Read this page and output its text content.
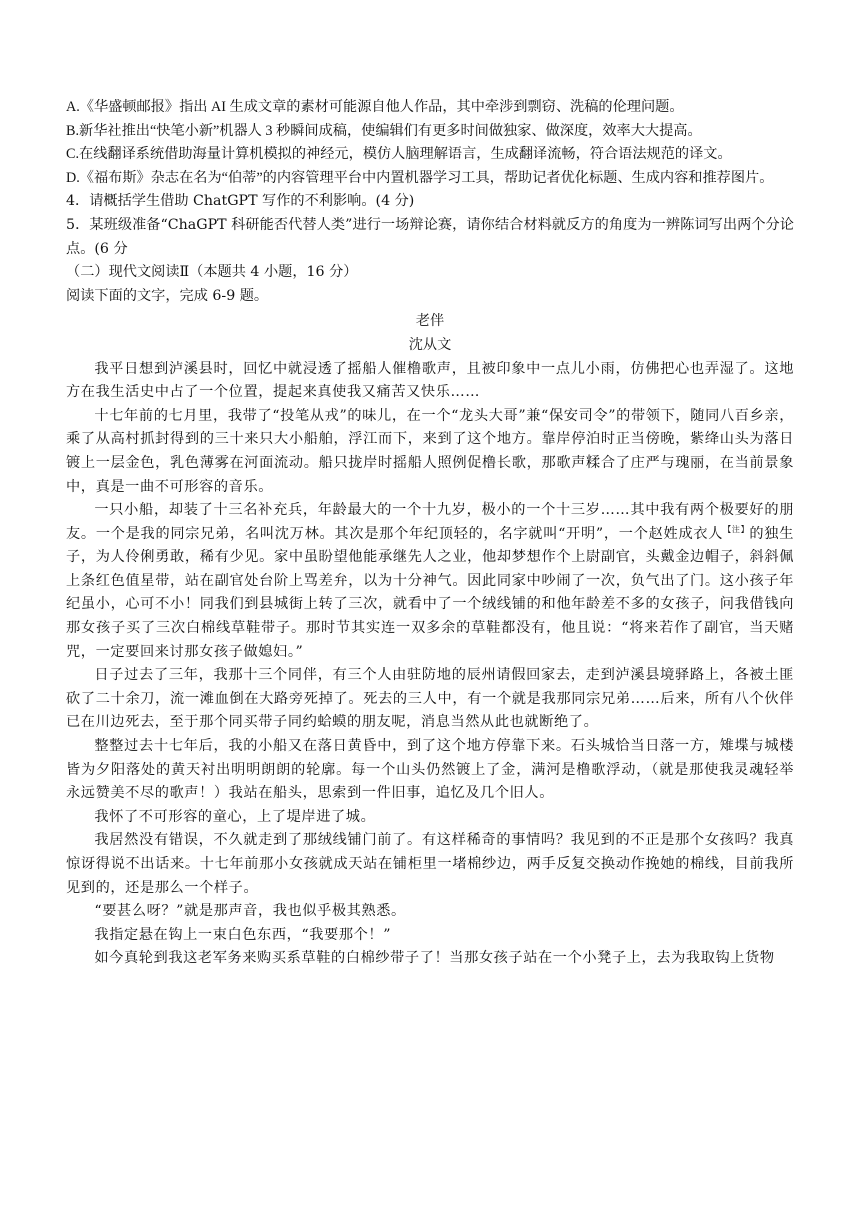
A.《华盛顿邮报》指出 AI 生成文章的素材可能源自他人作品，其中牵涉到剽窃、洗稿的伦理问题。

B.新华社推出“快笔小新”机器人 3 秒瞬间成稿，使编辑们有更多时间做独家、做深度，效率大大提高。

C.在线翻译系统借助海量计算机模拟的神经元，模仿人脑理解语言，生成翻译流畅，符合语法规范的译文。

D.《福布斯》杂志在名为“伯蒂”的内容管理平台中内置机器学习工具，帮助记者优化标题、生成内容和推荐图片。

4．请概括学生借助 ChatGPT 写作的不利影响。(4 分)

5．某班级准备“ChaGPT 科研能否代替人类”进行一场辩论赛，请你结合材料就反方的角度为一辨陈词写出两个分论点。(6 分

（二）现代文阅读Ⅱ（本题共 4 小题，16 分）

阅读下面的文字，完成 6-9 题。

老伴

沈从文

我平日想到泸溪县时，回忆中就浸透了摇船人催橹歌声，且被印象中一点儿小雨，仿佛把心也弄湿了。这地方在我生活史中占了一个位置，提起来真使我又痛苦又快乐……

十七年前的七月里，我带了“投笔从戎”的味儿，在一个“龙头大哥”兼“保安司令”的带领下，随同八百乡亲，乘了从高村抓封得到的三十来只大小船舶，浮江而下，来到了这个地方。靠岸停泊时正当傍晚，紫绛山头为落日镀上一层金色，乳色薄雾在河面流动。船只拢岸时摇船人照例促橹长歌，那歌声糅合了庄严与瑰丽，在当前景象中，真是一曲不可形容的音乐。

一只小船，却装了十三名补充兵，年龄最大的一个十九岁，极小的一个十三岁……其中我有两个极要好的朋友。一个是我的同宗兄弟，名叫沈万林。其次是那个年纪顶轻的，名字就叫“开明”，一个赵姓成衣人$^{【注】}$的独生子，为人伶俐勇敢，稀有少见。家中虽盼望他能承继先人之业，他却梦想作个上尉副官，头戴金边帽子，斜斜佩上条红色值星带，站在副官处台阶上骂差弁，以为十分神气。因此同家中吵闹了一次，负气出了门。这小孩子年纪虽小，心可不小！同我们到县城街上转了三次，就看中了一个绒线铺的和他年龄差不多的女孩子，问我借钱向那女孩子买了三次白棉线草鞋带子。那时节其实连一双多余的草鞋都没有，他且说：“将来若作了副官，当天赌咒，一定要回来讨那女孩子做媳妇。”

日子过去了三年，我那十三个同伴，有三个人由驻防地的辰州请假回家去，走到泸溪县境驿路上，各被土匪砍了二十余刀，流一滩血倒在大路旁死掉了。死去的三人中，有一个就是我那同宗兄弟……后来，所有八个伙伴已在川边死去，至于那个同买带子同约蛤蟆的朋友呢，消息当然从此也就断绝了。

整整过去十七年后，我的小船又在落日黄昏中，到了这个地方停靠下来。石头城恰当日落一方，雉堞与城楼皆为夕阳落处的黄天衬出明明朗朗的轮廓。每一个山头仍然镀上了金，满河是橹歌浮动，（就是那使我灵魂轻举永远赞美不尽的歌声！）我站在船头，思索到一件旧事，追忆及几个旧人。

我怀了不可形容的童心，上了堤岸进了城。

我居然没有错误，不久就走到了那绒线铺门前了。有这样稀奇的事情吗？我见到的不正是那个女孩吗？我真惊讶得说不出话来。十七年前那小女孩就成天站在铺柜里一堵棉纱边，两手反复交换动作挽她的棉线，目前我所见到的，还是那么一个样子。

“要甚么呀？”就是那声音，我也似乎极其熟悉。

我指定悬在钩上一束白色东西，“我要那个！”

如今真轮到我这老军务来购买系草鞋的白棉纱带子了！当那女孩子站在一个小凳子上，去为我取钩上货物
